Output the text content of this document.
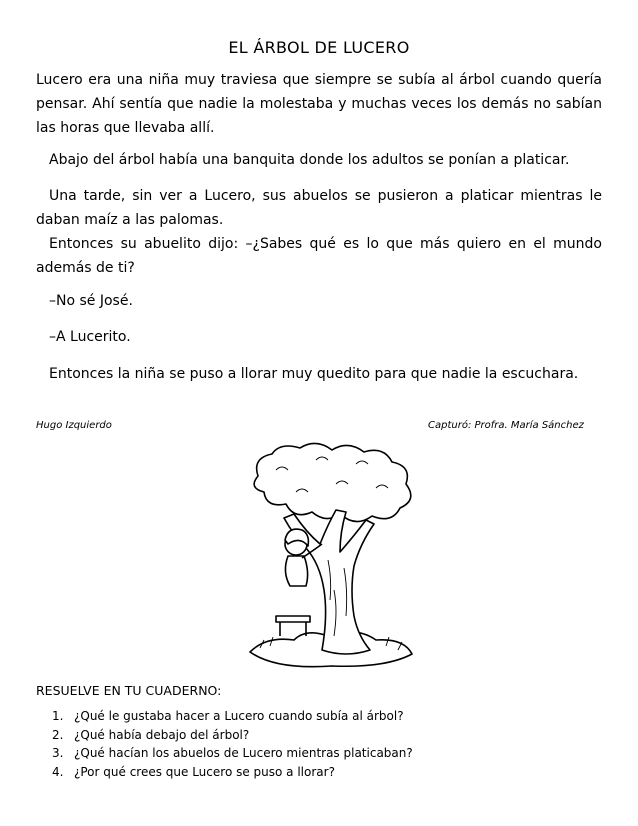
EL ÁRBOL DE LUCERO
Lucero era una niña muy traviesa que siempre se subía al árbol cuando quería pensar. Ahí sentía que nadie la molestaba y muchas veces los demás no sabían las horas que llevaba allí.
Abajo del árbol había una banquita donde los adultos se ponían a platicar.
Una tarde, sin ver a Lucero, sus abuelos se pusieron a platicar mientras le daban maíz a las palomas.
Entonces su abuelito dijo: –¿Sabes qué es lo que más quiero en el mundo además de ti?
–No sé José.
–A Lucerito.
Entonces la niña se puso a llorar muy quedito para que nadie la escuchara.
Hugo Izquierdo	Capturó: Profra. María Sánchez
RESUELVE EN TU CUADERNO:
1. ¿Qué le gustaba hacer a Lucero cuando subía al árbol?
2. ¿Qué había debajo del árbol?
3. ¿Qué hacían los abuelos de Lucero mientras platicaban?
4. ¿Por qué crees que Lucero se puso a llorar?
